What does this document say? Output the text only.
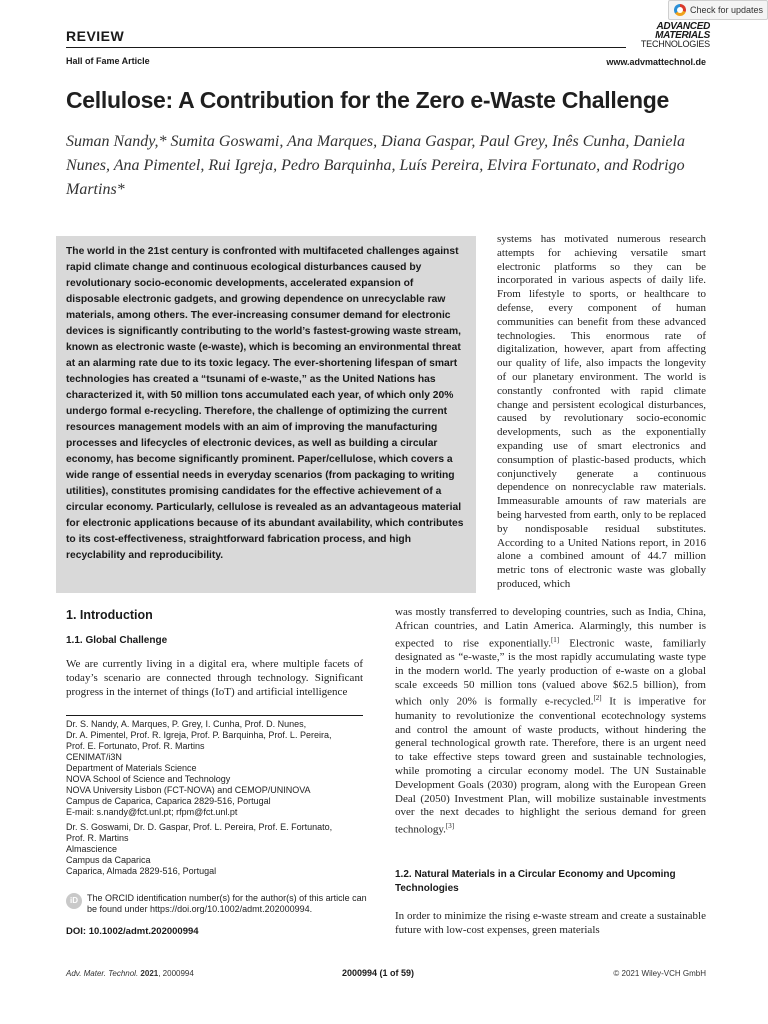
Check for updates
REVIEW
Hall of Fame Article
ADVANCED
MATERIALS
TECHNOLOGIES
www.advmattechnol.de
Cellulose: A Contribution for the Zero e-Waste Challenge
Suman Nandy,* Sumita Goswami, Ana Marques, Diana Gaspar, Paul Grey, Inês Cunha, Daniela Nunes, Ana Pimentel, Rui Igreja, Pedro Barquinha, Luís Pereira, Elvira Fortunato, and Rodrigo Martins*
The world in the 21st century is confronted with multifaceted challenges against rapid climate change and continuous ecological disturbances caused by revolutionary socio-economic developments, accelerated expansion of disposable electronic gadgets, and growing dependence on unrecyclable raw materials, among others. The ever-increasing consumer demand for electronic devices is significantly contributing to the world’s fastest-growing waste stream, known as electronic waste (e-waste), which is becoming an environmental threat at an alarming rate due to its toxic legacy. The ever-shortening lifespan of smart technologies has created a “tsunami of e-waste,” as the United Nations has characterized it, with 50 million tons accumulated each year, of which only 20% undergo formal e-recycling. Therefore, the challenge of optimizing the current resources management models with an aim of improving the manufacturing processes and lifecycles of electronic devices, as well as building a circular economy, has become significantly prominent. Paper/cellulose, which covers a wide range of essential needs in everyday scenarios (from packaging to writing utilities), constitutes promising candidates for the effective achievement of a circular economy. Particularly, cellulose is revealed as an advantageous material for electronic applications because of its abundant availability, which contributes to its cost-effectiveness, straightforward fabrication process, and high recyclability and reproducibility.
systems has motivated numerous research attempts for achieving versatile smart electronic platforms so they can be incorporated in various aspects of daily life. From lifestyle to sports, or healthcare to defense, every component of human communities can benefit from these advanced technologies. This enormous rate of digitalization, however, apart from affecting our quality of life, also impacts the longevity of our planetary environment. The world is constantly confronted with rapid climate change and persistent ecological disturbances, caused by revolutionary socio-economic developments, such as the exponentially expanding use of smart electronics and consumption of plastic-based products, which conjunctively generate a continuous dependence on nonrecyclable raw materials. Immeasurable amounts of raw materials are being harvested from earth, only to be replaced by nondisposable residual substitutes. According to a United Nations report, in 2016 alone a combined amount of 44.7 million metric tons of electronic waste was globally produced, which
was mostly transferred to developing countries, such as India, China, African countries, and Latin America. Alarmingly, this number is expected to rise exponentially.[1] Electronic waste, familiarly designated as “e-waste,” is the most rapidly accumulating waste type in the modern world. The yearly production of e-waste on a global scale exceeds 50 million tons (valued above $62.5 billion), from which only 20% is formally e-recycled.[2] It is imperative for humanity to revolutionize the conventional ecotechnology systems and control the amount of waste products, without hindering the general technological growth rate. Therefore, there is an urgent need to take effective steps toward green and sustainable technologies, while promoting a circular economy model. The UN Sustainable Development Goals (2030) program, along with the European Green Deal (2050) Investment Plan, will mobilize sustainable investments over the next decades to highlight the serious demand for green technology.[3]
1. Introduction
1.1. Global Challenge
We are currently living in a digital era, where multiple facets of today’s scenario are connected through technology. Significant progress in the internet of things (IoT) and artificial intelligence

Dr. S. Nandy, A. Marques, P. Grey, I. Cunha, Prof. D. Nunes,
Dr. A. Pimentel, Prof. R. Igreja, Prof. P. Barquinha, Prof. L. Pereira,
Prof. E. Fortunato, Prof. R. Martins
CENIMAT/i3N
Department of Materials Science
NOVA School of Science and Technology
NOVA University Lisbon (FCT-NOVA) and CEMOP/UNINOVA
Campus de Caparica, Caparica 2829-516, Portugal
E-mail: s.nandy@fct.unl.pt; rfpm@fct.unl.pt

Dr. S. Goswami, Dr. D. Gaspar, Prof. L. Pereira, Prof. E. Fortunato,
Prof. R. Martins
Almascience
Campus da Caparica
Caparica, Almada 2829-516, Portugal

iD	The ORCID identification number(s) for the author(s) of this article can be found under https://doi.org/10.1002/admt.202000994.
DOI: 10.1002/admt.202000994
1.2. Natural Materials in a Circular Economy and Upcoming Technologies
In order to minimize the rising e-waste stream and create a sustainable future with low-cost expenses, green materials
Adv. Mater. Technol. 2021, 2000994	2000994 (1 of 59)	© 2021 Wiley-VCH GmbH
